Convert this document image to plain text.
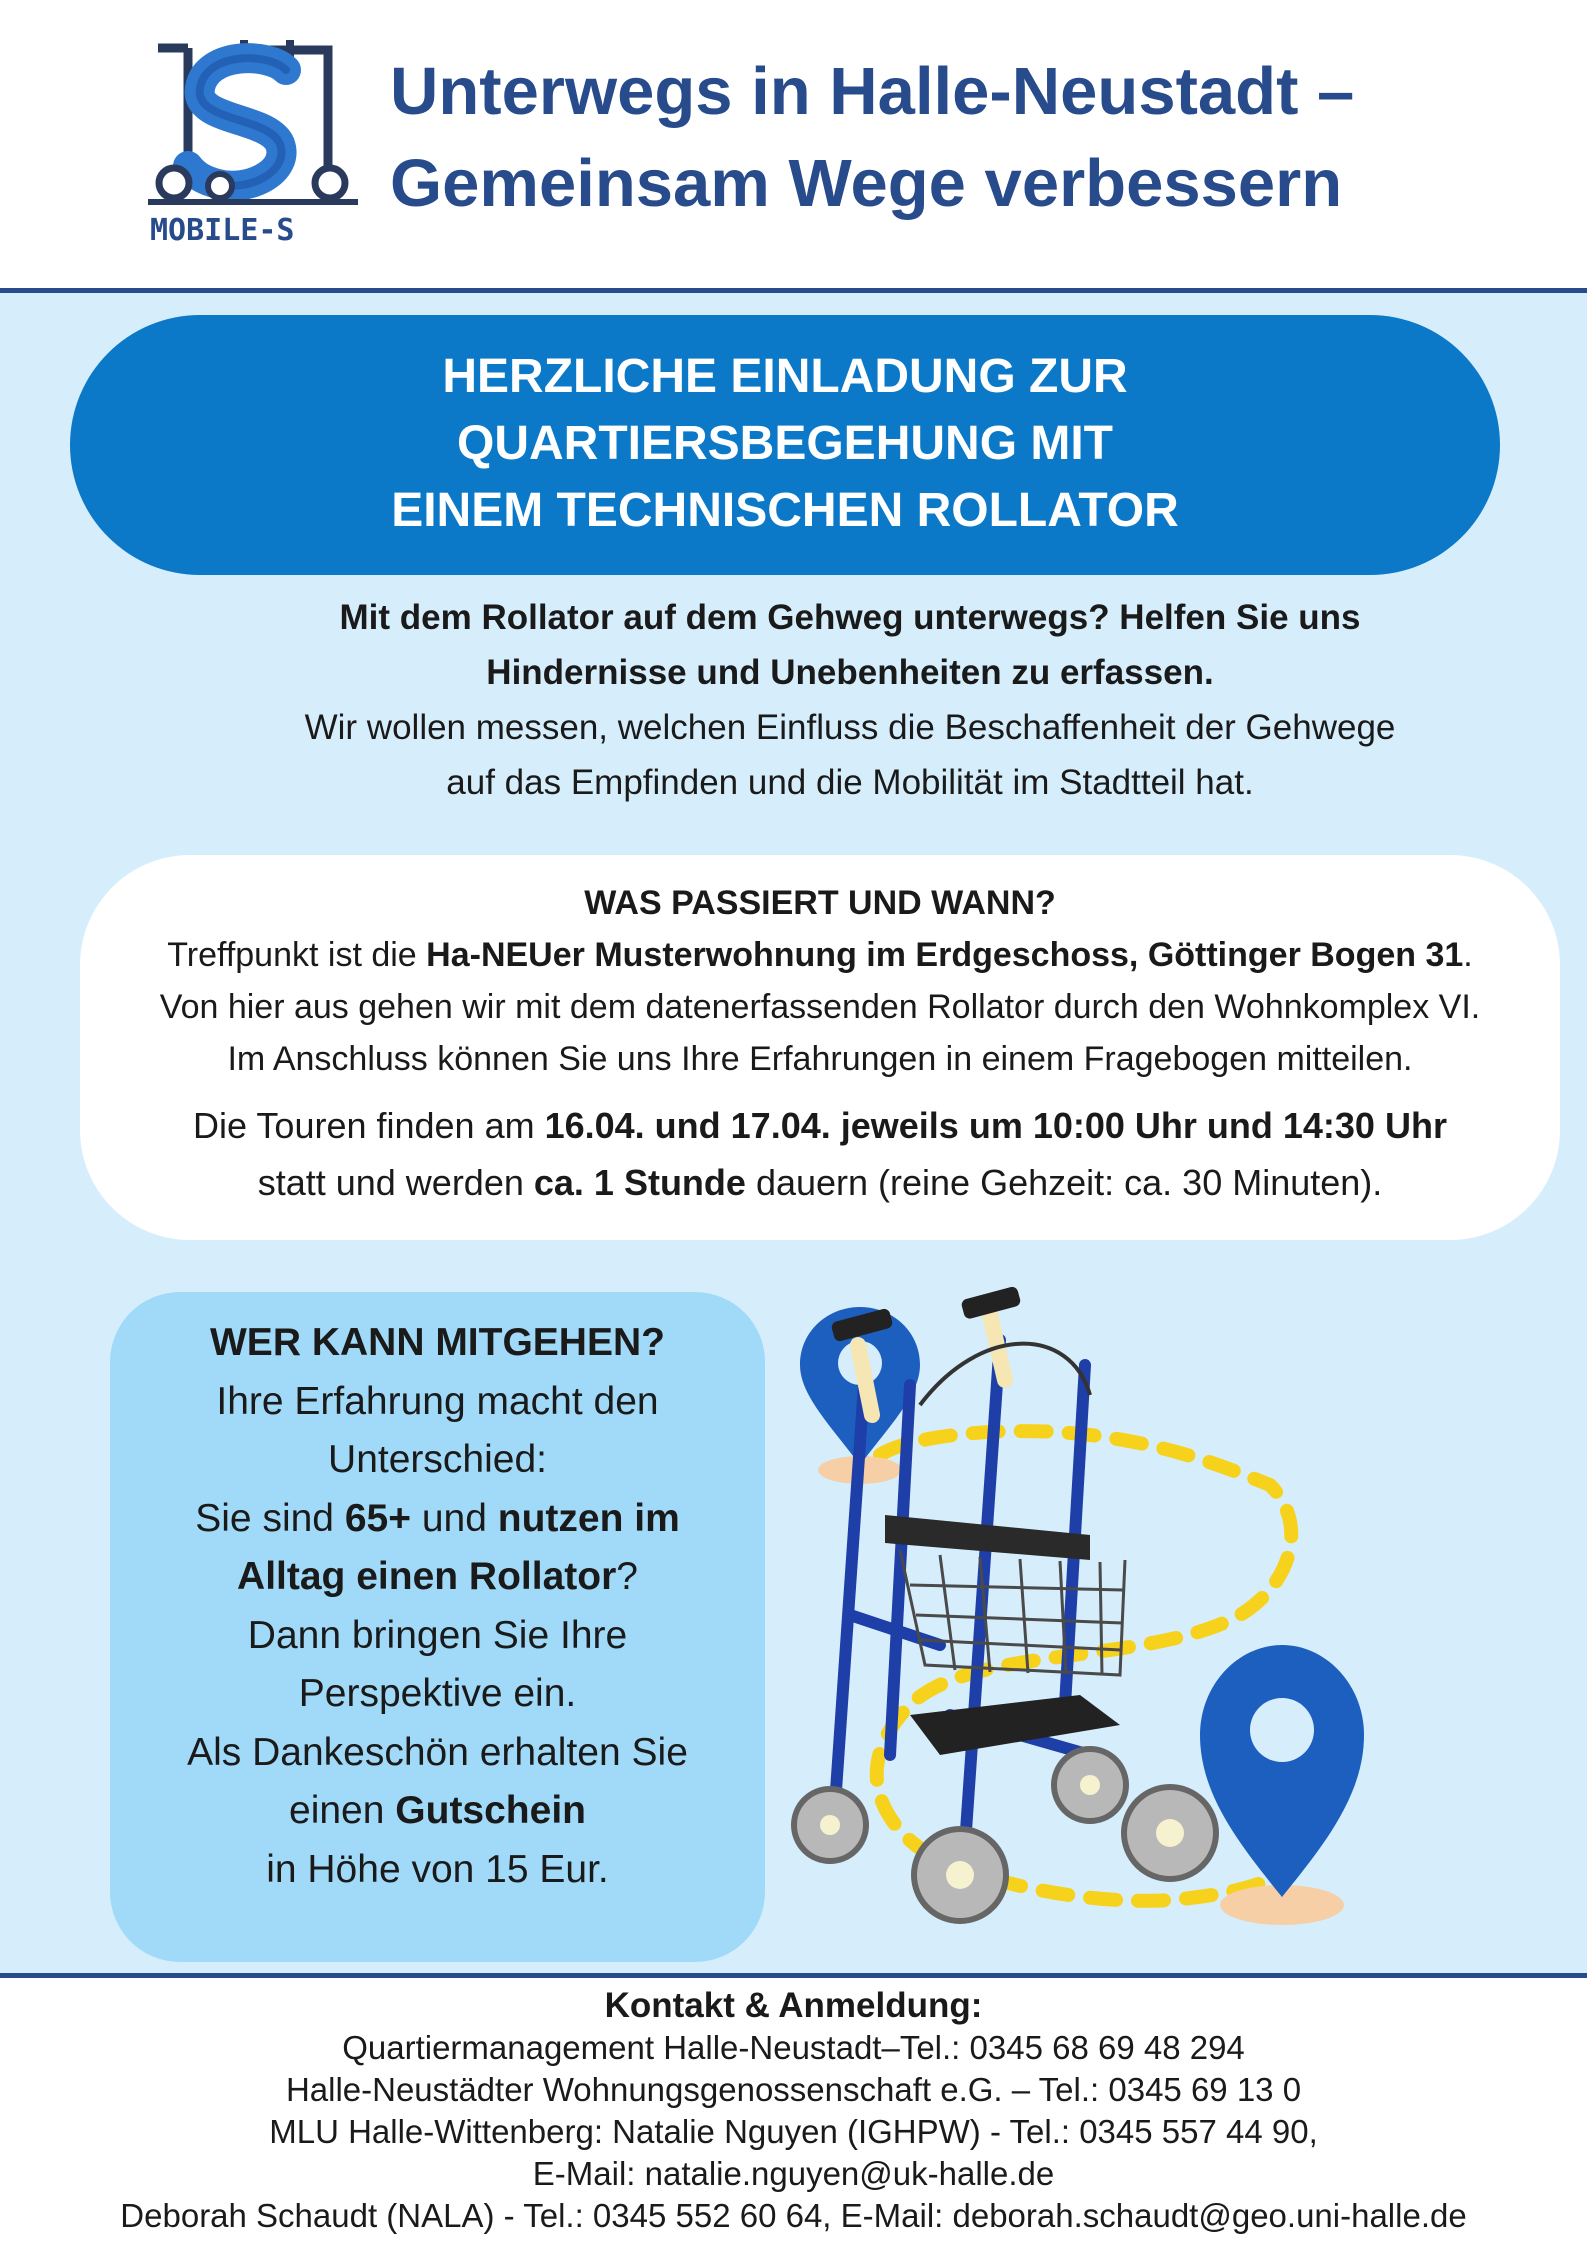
MOBILE-S
Unterwegs in Halle-Neustadt –
Gemeinsam Wege verbessern
HERZLICHE EINLADUNG ZUR
QUARTIERSBEGEHUNG MIT
EINEM TECHNISCHEN ROLLATOR
Mit dem Rollator auf dem Gehweg unterwegs? Helfen Sie uns
Hindernisse und Unebenheiten zu erfassen.
Wir wollen messen, welchen Einfluss die Beschaffenheit der Gehwege
auf das Empfinden und die Mobilität im Stadtteil hat.
WAS PASSIERT UND WANN?
Treffpunkt ist die Ha-NEUer Musterwohnung im Erdgeschoss, Göttinger Bogen 31.
Von hier aus gehen wir mit dem datenerfassenden Rollator durch den Wohnkomplex VI.
Im Anschluss können Sie uns Ihre Erfahrungen in einem Fragebogen mitteilen.
Die Touren finden am 16.04. und 17.04. jeweils um 10:00 Uhr und 14:30 Uhr
statt und werden ca. 1 Stunde dauern (reine Gehzeit: ca. 30 Minuten).
WER KANN MITGEHEN?
Ihre Erfahrung macht den
Unterschied:
Sie sind 65+ und nutzen im
Alltag einen Rollator?
Dann bringen Sie Ihre
Perspektive ein.
Als Dankeschön erhalten Sie
einen Gutschein
in Höhe von 15 Eur.
Kontakt & Anmeldung:
Quartiermanagement Halle-Neustadt–Tel.: 0345 68 69 48 294
Halle-Neustädter Wohnungsgenossenschaft e.G. – Tel.: 0345 69 13 0
MLU Halle-Wittenberg: Natalie Nguyen (IGHPW) - Tel.: 0345 557 44 90,
E-Mail: natalie.nguyen@uk-halle.de
Deborah Schaudt (NALA) - Tel.: 0345 552 60 64, E-Mail: deborah.schaudt@geo.uni-halle.de
